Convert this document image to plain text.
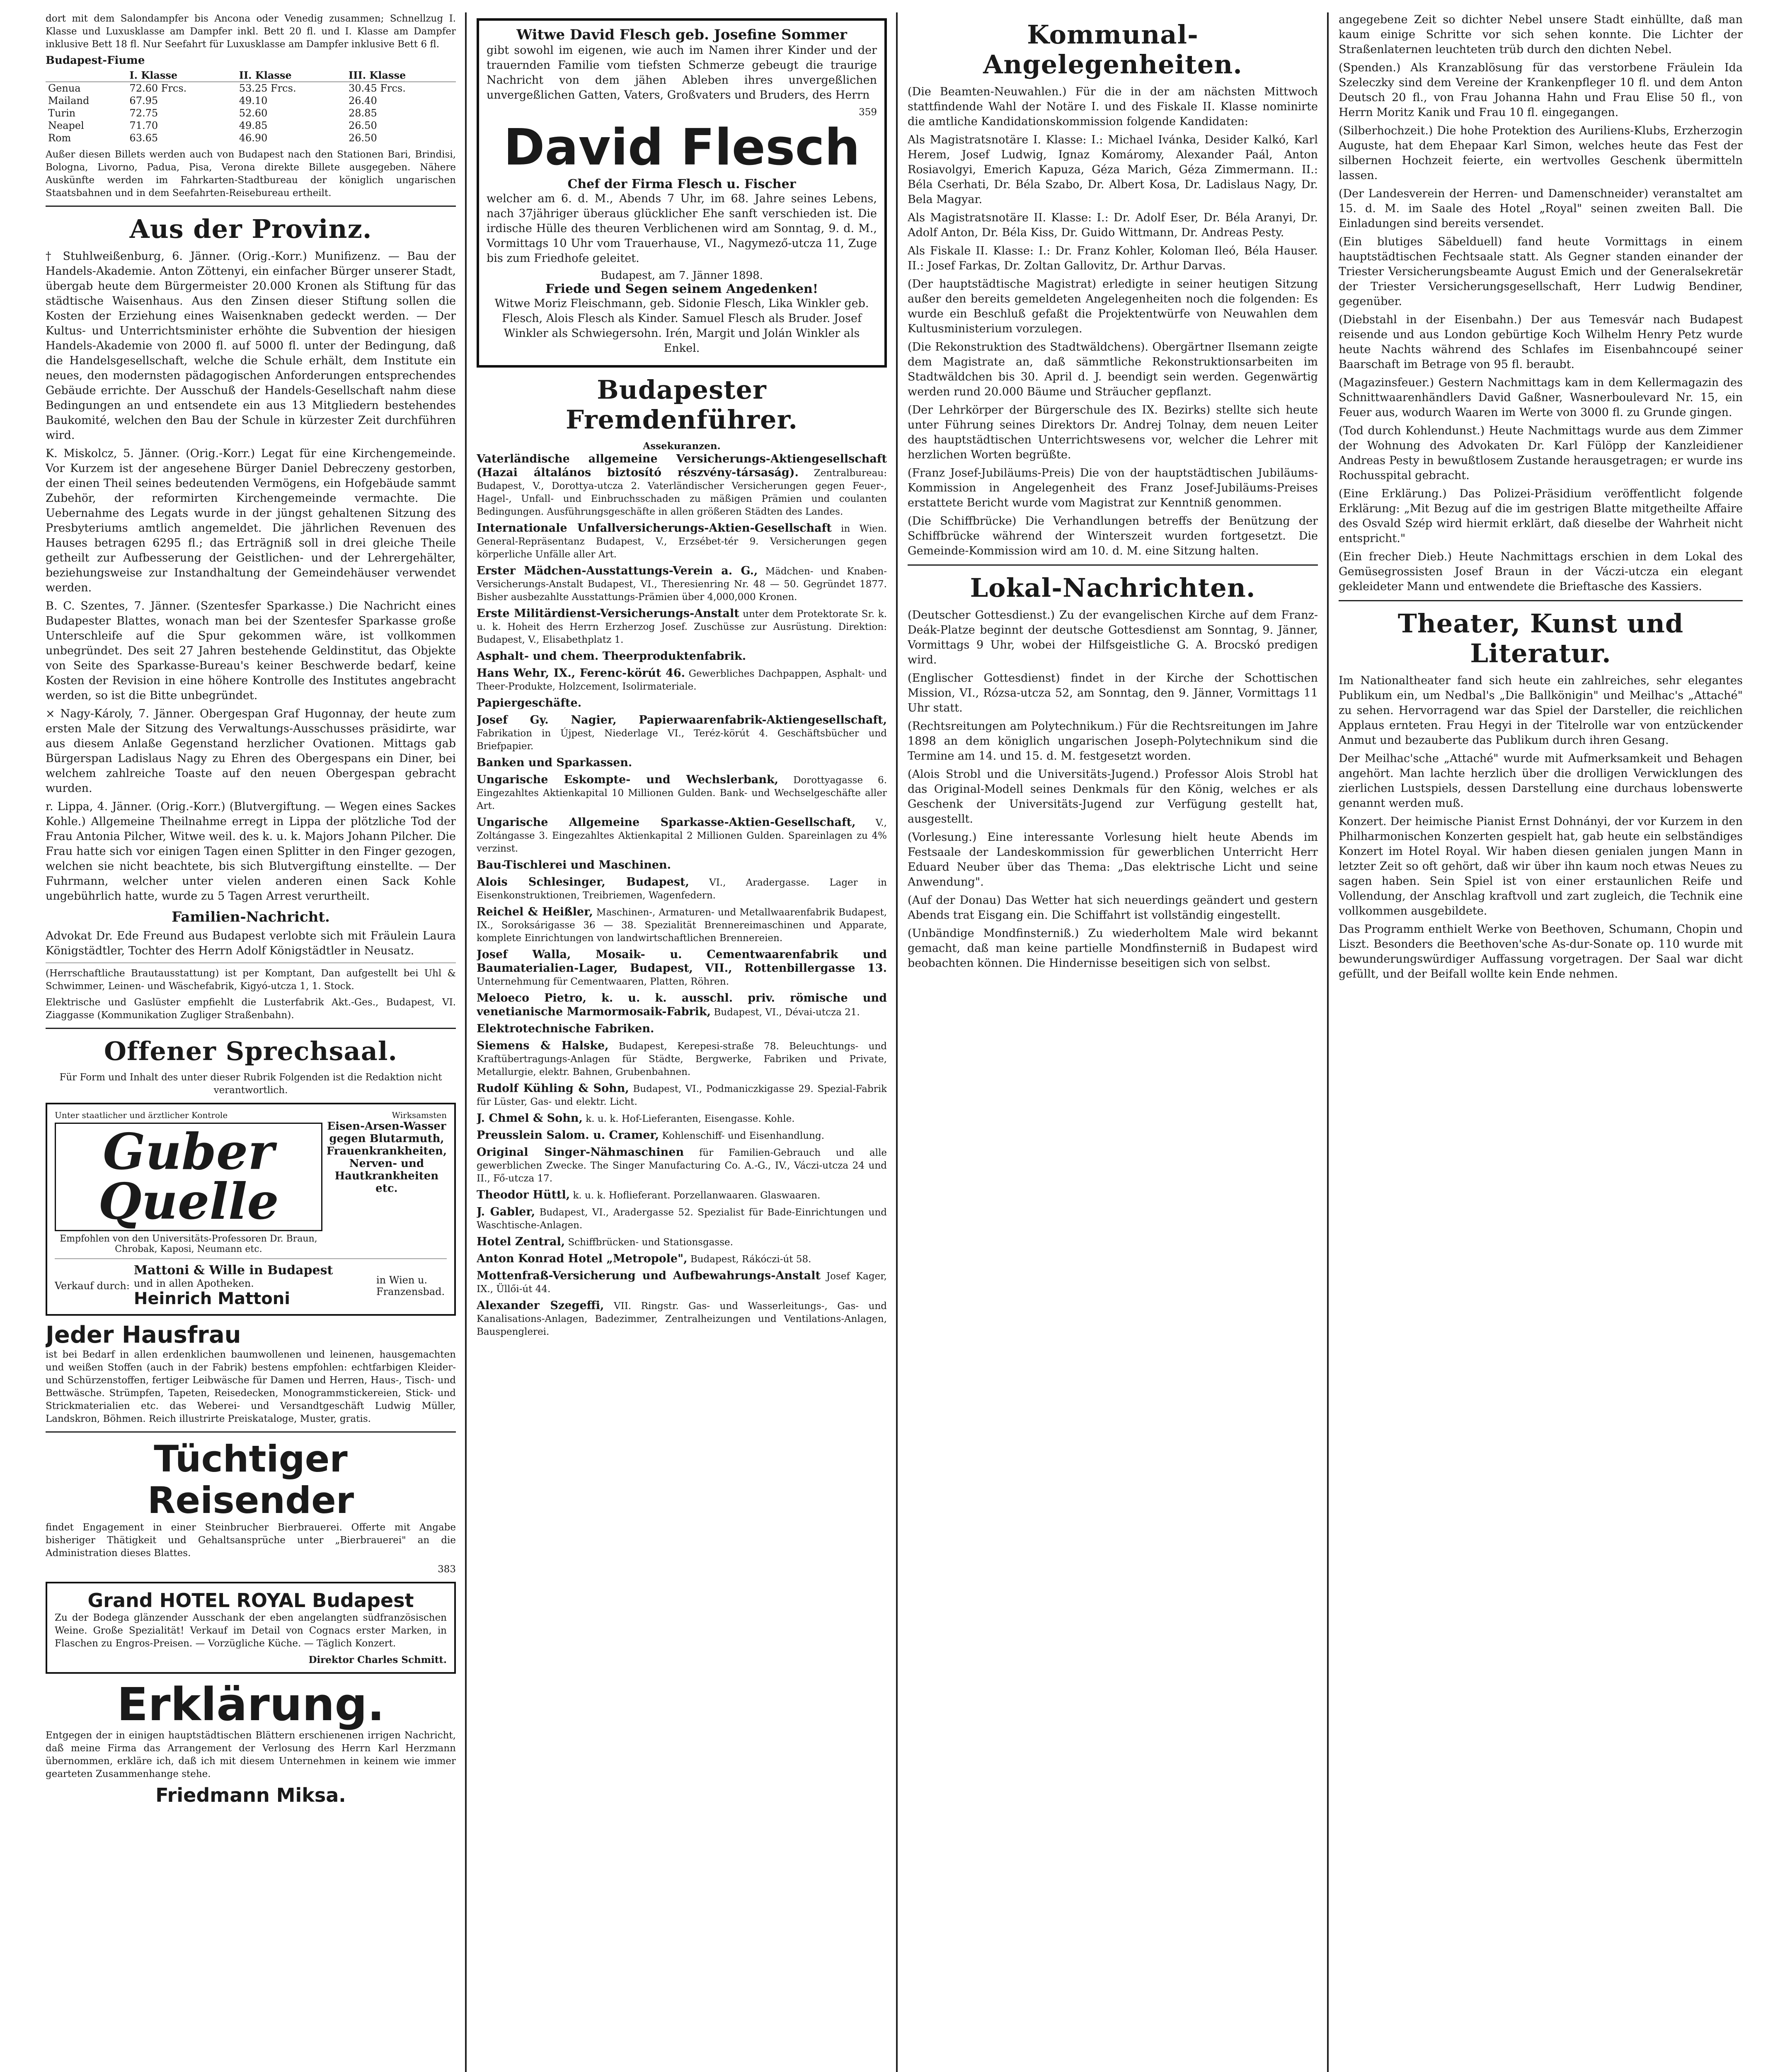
dort mit dem Salondampfer bis Ancona oder Venedig zusammen; Schnellzug I. Klasse und Luxusklasse am Dampfer inkl. Bett 20 fl. und I. Klasse am Dampfer inklusive Bett 18 fl. Nur Seefahrt für Luxusklasse am Dampfer inklusive Bett 6 fl.

Budapest-Fiume
	I. Klasse	II. Klasse	III. Klasse
Genua	72.60 Frcs.	53.25 Frcs.	30.45 Frcs.
Mailand	67.95	49.10	26.40
Turin	72.75	52.60	28.85
Neapel	71.70	49.85	26.50
Rom	63.65	46.90	26.50

Außer diesen Billets werden auch von Budapest nach den Stationen Bari, Brindisi, Bologna, Livorno, Padua, Pisa, Verona direkte Billete ausgegeben. Nähere Auskünfte werden im Fahrkarten-Stadtbureau der königlich ungarischen Staatsbahnen und in dem Seefahrten-Reisebureau ertheilt.

Aus der Provinz.

† Stuhlweißenburg, 6. Jänner. (Orig.-Korr.) Munifizenz. — Bau der Handels-Akademie. Anton Zöttenyi, ein einfacher Bürger unserer Stadt, übergab heute dem Bürgermeister 20.000 Kronen als Stiftung für das städtische Waisenhaus. Aus den Zinsen dieser Stiftung sollen die Kosten der Erziehung eines Waisenknaben gedeckt werden. — Der Kultus- und Unterrichtsminister erhöhte die Subvention der hiesigen Handels-Akademie von 2000 fl. auf 5000 fl. unter der Bedingung, daß die Handelsgesellschaft, welche die Schule erhält, dem Institute ein neues, den modernsten pädagogischen Anforderungen entsprechendes Gebäude errichte. Der Ausschuß der Handels-Gesellschaft nahm diese Bedingungen an und entsendete ein aus 13 Mitgliedern bestehendes Baukomité, welchen den Bau der Schule in kürzester Zeit durchführen wird.

K. Miskolcz, 5. Jänner. (Orig.-Korr.) Legat für eine Kirchengemeinde. Vor Kurzem ist der angesehene Bürger Daniel Debreczeny gestorben, der einen Theil seines bedeutenden Vermögens, ein Hofgebäude sammt Zubehör, der reformirten Kirchengemeinde vermachte. Die Uebernahme des Legats wurde in der jüngst gehaltenen Sitzung des Presbyteriums amtlich angemeldet. Die jährlichen Revenuen des Hauses betragen 6295 fl.; das Erträgniß soll in drei gleiche Theile getheilt zur Aufbesserung der Geistlichen- und der Lehrergehälter, beziehungsweise zur Instandhaltung der Gemeindehäuser verwendet werden.

B. C. Szentes, 7. Jänner. (Szentesfer Sparkasse.) Die Nachricht eines Budapester Blattes, wonach man bei der Szentesfer Sparkasse große Unterschleife auf die Spur gekommen wäre, ist vollkommen unbegründet. Des seit 27 Jahren bestehende Geldinstitut, das Objekte von Seite des Sparkasse-Bureau's keiner Beschwerde bedarf, keine Kosten der Revision in eine höhere Kontrolle des Institutes angebracht werden, so ist die Bitte unbegründet.

× Nagy-Károly, 7. Jänner. Obergespan Graf Hugonnay, der heute zum ersten Male der Sitzung des Verwaltungs-Ausschusses präsidirte, war aus diesem Anlaße Gegenstand herzlicher Ovationen. Mittags gab Bürgerspan Ladislaus Nagy zu Ehren des Obergespans ein Diner, bei welchem zahlreiche Toaste auf den neuen Obergespan gebracht wurden.

r. Lippa, 4. Jänner. (Orig.-Korr.) (Blutvergiftung. — Wegen eines Sackes Kohle.) Allgemeine Theilnahme erregt in Lippa der plötzliche Tod der Frau Antonia Pilcher, Witwe weil. des k. u. k. Majors Johann Pilcher. Die Frau hatte sich vor einigen Tagen einen Splitter in den Finger gezogen, welchen sie nicht beachtete, bis sich Blutvergiftung einstellte. — Der Fuhrmann, welcher unter vielen anderen einen Sack Kohle ungebührlich hatte, wurde zu 5 Tagen Arrest verurtheilt.

Familien-Nachricht.

Advokat Dr. Ede Freund aus Budapest verlobte sich mit Fräulein Laura Königstädtler, Tochter des Herrn Adolf Königstädtler in Neusatz.

(Herrschaftliche Brautausstattung) ist per Komptant, Dan aufgestellt bei Uhl & Schwimmer, Leinen- und Wäschefabrik, Kigyó-utcza 1, 1. Stock.

Elektrische und Gaslüster empfiehlt die Lusterfabrik Akt.-Ges., Budapest, VI. Ziaggasse (Kommunikation Zugliger Straßenbahn).

Offener Sprechsaal.

Für Form und Inhalt des unter dieser Rubrik Folgenden ist die Redaktion nicht verantwortlich.

Unter staatlicher und ärztlicher Kontrole	Wirksamsten
Guber Quelle
Empfohlen von den Universitäts-Professoren Dr. Braun, Chrobak, Kaposi, Neumann etc.
Eisen-Arsen-Wasser gegen Blutarmuth, Frauenkrankheiten, Nerven- und Hautkrankheiten etc.
Verkauf durch:
Mattoni & Wille in Budapest
und in allen Apotheken.
Heinrich Mattoni
in Wien u. Franzensbad.
Jeder Hausfrau

ist bei Bedarf in allen erdenklichen baumwollenen und leinenen, hausgemachten und weißen Stoffen (auch in der Fabrik) bestens empfohlen: echtfarbigen Kleider- und Schürzenstoffen, fertiger Leibwäsche für Damen und Herren, Haus-, Tisch- und Bettwäsche. Strümpfen, Tapeten, Reisedecken, Monogrammstickereien, Stick- und Strickmaterialien etc. das Weberei- und Versandtgeschäft Ludwig Müller, Landskron, Böhmen. Reich illustrirte Preiskataloge, Muster, gratis.

Tüchtiger Reisender

findet Engagement in einer Steinbrucher Bierbrauerei. Offerte mit Angabe bisheriger Thätigkeit und Gehaltsansprüche unter „Bierbrauerei" an die Administration dieses Blattes.

383
Grand HOTEL ROYAL Budapest

Zu der Bodega glänzender Ausschank der eben angelangten südfranzösischen Weine. Große Spezialität! Verkauf im Detail von Cognacs erster Marken, in Flaschen zu Engros-Preisen. — Vorzügliche Küche. — Täglich Konzert.

Direktor Charles Schmitt.
Erklärung.

Entgegen der in einigen hauptstädtischen Blättern erschienenen irrigen Nachricht, daß meine Firma das Arrangement der Verlosung des Herrn Karl Herzmann übernommen, erkläre ich, daß ich mit diesem Unternehmen in keinem wie immer gearteten Zusammenhange stehe.

Friedmann Miksa.
Witwe David Flesch geb. Josefine Sommer

gibt sowohl im eigenen, wie auch im Namen ihrer Kinder und der trauernden Familie vom tiefsten Schmerze gebeugt die traurige Nachricht von dem jähen Ableben ihres unvergeßlichen unvergeßlichen Gatten, Vaters, Großvaters und Bruders, des Herrn

359
David Flesch
Chef der Firma Flesch u. Fischer

welcher am 6. d. M., Abends 7 Uhr, im 68. Jahre seines Lebens, nach 37jähriger überaus glücklicher Ehe sanft verschieden ist. Die irdische Hülle des theuren Verblichenen wird am Sonntag, 9. d. M., Vormittags 10 Uhr vom Trauerhause, VI., Nagymező-utcza 11, Zuge bis zum Friedhofe geleitet.

Budapest, am 7. Jänner 1898.
Friede und Segen seinem Angedenken!

Witwe Moriz Fleischmann, geb. Sidonie Flesch, Lika Winkler geb. Flesch, Alois Flesch als Kinder. Samuel Flesch als Bruder. Josef Winkler als Schwiegersohn. Irén, Margit und Jolán Winkler als Enkel.

Budapester Fremdenführer.
Assekuranzen.

Vaterländische allgemeine Versicherungs-Aktiengesellschaft (Hazai általános biztosító részvény-társaság). Zentralbureau: Budapest, V., Dorottya-utcza 2. Vaterländischer Versicherungen gegen Feuer-, Hagel-, Unfall- und Einbruchsschaden zu mäßigen Prämien und coulanten Bedingungen. Ausführungsgeschäfte in allen größeren Städten des Landes.

Internationale Unfallversicherungs-Aktien-Gesellschaft in Wien. General-Repräsentanz Budapest, V., Erzsébet-tér 9. Versicherungen gegen körperliche Unfälle aller Art.

Erster Mädchen-Ausstattungs-Verein a. G., Mädchen- und Knaben-Versicherungs-Anstalt Budapest, VI., Theresienring Nr. 48 — 50. Gegründet 1877. Bisher ausbezahlte Ausstattungs-Prämien über 4,000,000 Kronen.

Erste Militärdienst-Versicherungs-Anstalt unter dem Protektorate Sr. k. u. k. Hoheit des Herrn Erzherzog Josef. Zuschüsse zur Ausrüstung. Direktion: Budapest, V., Elisabethplatz 1.

Asphalt- und chem. Theerproduktenfabrik.

Hans Wehr, IX., Ferenc-körút 46. Gewerbliches Dachpappen, Asphalt- und Theer-Produkte, Holzcement, Isolirmateriale.

Papiergeschäfte.

Josef Gy. Nagier, Papierwaarenfabrik-Aktiengesellschaft, Fabrikation in Újpest, Niederlage VI., Teréz-körút 4. Geschäftsbücher und Briefpapier.

Banken und Sparkassen.

Ungarische Eskompte- und Wechslerbank, Dorottyagasse 6. Eingezahltes Aktienkapital 10 Millionen Gulden. Bank- und Wechselgeschäfte aller Art.

Ungarische Allgemeine Sparkasse-Aktien-Gesellschaft, V., Zoltángasse 3. Eingezahltes Aktienkapital 2 Millionen Gulden. Spareinlagen zu 4% verzinst.

Bau-Tischlerei und Maschinen.

Alois Schlesinger, Budapest, VI., Aradergasse. Lager in Eisenkonstruktionen, Treibriemen, Wagenfedern.

Reichel & Heißler, Maschinen-, Armaturen- und Metallwaarenfabrik Budapest, IX., Soroksárigasse 36 — 38. Spezialität Brennereimaschinen und Apparate, komplete Einrichtungen von landwirtschaftlichen Brennereien.

Josef Walla, Mosaik- u. Cementwaarenfabrik und Baumaterialien-Lager, Budapest, VII., Rottenbillergasse 13. Unternehmung für Cementwaaren, Platten, Röhren.

Meloeco Pietro, k. u. k. ausschl. priv. römische und venetianische Marmormosaik-Fabrik, Budapest, VI., Dévai-utcza 21.

Elektrotechnische Fabriken.

Siemens & Halske, Budapest, Kerepesi-straße 78. Beleuchtungs- und Kraftübertragungs-Anlagen für Städte, Bergwerke, Fabriken und Private, Metallurgie, elektr. Bahnen, Grubenbahnen.

Rudolf Kühling & Sohn, Budapest, VI., Podmaniczkigasse 29. Spezial-Fabrik für Lüster, Gas- und elektr. Licht.

J. Chmel & Sohn, k. u. k. Hof-Lieferanten, Eisengasse. Kohle.

Preusslein Salom. u. Cramer, Kohlenschiff- und Eisenhandlung.

Original Singer-Nähmaschinen für Familien-Gebrauch und alle gewerblichen Zwecke. The Singer Manufacturing Co. A.-G., IV., Váczi-utcza 24 und II., Fő-utcza 17.

Theodor Hüttl, k. u. k. Hoflieferant. Porzellanwaaren. Glaswaaren.

J. Gabler, Budapest, VI., Aradergasse 52. Spezialist für Bade-Einrichtungen und Waschtische-Anlagen.

Hotel Zentral, Schiffbrücken- und Stationsgasse.

Anton Konrad Hotel „Metropole", Budapest, Rákóczi-út 58.

Mottenfraß-Versicherung und Aufbewahrungs-Anstalt Josef Kager, IX., Üllői-út 44.

Alexander Szegeffi, VII. Ringstr. Gas- und Wasserleitungs-, Gas- und Kanalisations-Anlagen, Badezimmer, Zentralheizungen und Ventilations-Anlagen, Bauspenglerei.

Kommunal-Angelegenheiten.

(Die Beamten-Neuwahlen.) Für die in der am nächsten Mittwoch stattfindende Wahl der Notäre I. und des Fiskale II. Klasse nominirte die amtliche Kandidationskommission folgende Kandidaten:

Als Magistratsnotäre I. Klasse: I.: Michael Ivánka, Desider Kalkó, Karl Herem, Josef Ludwig, Ignaz Komáromy, Alexander Paál, Anton Rosiavolgyi, Emerich Kapuza, Géza Marich, Géza Zimmermann. II.: Béla Cserhati, Dr. Béla Szabo, Dr. Albert Kosa, Dr. Ladislaus Nagy, Dr. Bela Magyar.

Als Magistratsnotäre II. Klasse: I.: Dr. Adolf Eser, Dr. Béla Aranyi, Dr. Adolf Anton, Dr. Béla Kiss, Dr. Guido Wittmann, Dr. Andreas Pesty.

Als Fiskale II. Klasse: I.: Dr. Franz Kohler, Koloman Ileó, Béla Hauser. II.: Josef Farkas, Dr. Zoltan Gallovitz, Dr. Arthur Darvas.

(Der hauptstädtische Magistrat) erledigte in seiner heutigen Sitzung außer den bereits gemeldeten Angelegenheiten noch die folgenden: Es wurde ein Beschluß gefaßt die Projektentwürfe von Neuwahlen dem Kultusministerium vorzulegen.

(Die Rekonstruktion des Stadtwäldchens). Obergärtner Ilsemann zeigte dem Magistrate an, daß sämmtliche Rekonstruktionsarbeiten im Stadtwäldchen bis 30. April d. J. beendigt sein werden. Gegenwärtig werden rund 20.000 Bäume und Sträucher gepflanzt.

(Der Lehrkörper der Bürgerschule des IX. Bezirks) stellte sich heute unter Führung seines Direktors Dr. Andrej Tolnay, dem neuen Leiter des hauptstädtischen Unterrichtswesens vor, welcher die Lehrer mit herzlichen Worten begrüßte.

(Franz Josef-Jubiläums-Preis) Die von der hauptstädtischen Jubiläums-Kommission in Angelegenheit des Franz Josef-Jubiläums-Preises erstattete Bericht wurde vom Magistrat zur Kenntniß genommen.

(Die Schiffbrücke) Die Verhandlungen betreffs der Benützung der Schiffbrücke während der Winterszeit wurden fortgesetzt. Die Gemeinde-Kommission wird am 10. d. M. eine Sitzung halten.

Lokal-Nachrichten.

(Deutscher Gottesdienst.) Zu der evangelischen Kirche auf dem Franz-Deák-Platze beginnt der deutsche Gottesdienst am Sonntag, 9. Jänner, Vormittags 9 Uhr, wobei der Hilfsgeistliche G. A. Brocskó predigen wird.

(Englischer Gottesdienst) findet in der Kirche der Schottischen Mission, VI., Rózsa-utcza 52, am Sonntag, den 9. Jänner, Vormittags 11 Uhr statt.

(Rechtsreitungen am Polytechnikum.) Für die Rechtsreitungen im Jahre 1898 an dem königlich ungarischen Joseph-Polytechnikum sind die Termine am 14. und 15. d. M. festgesetzt worden.

(Alois Strobl und die Universitäts-Jugend.) Professor Alois Strobl hat das Original-Modell seines Denkmals für den König, welches er als Geschenk der Universitäts-Jugend zur Verfügung gestellt hat, ausgestellt.

(Vorlesung.) Eine interessante Vorlesung hielt heute Abends im Festsaale der Landeskommission für gewerblichen Unterricht Herr Eduard Neuber über das Thema: „Das elektrische Licht und seine Anwendung".

(Auf der Donau) Das Wetter hat sich neuerdings geändert und gestern Abends trat Eisgang ein. Die Schiffahrt ist vollständig eingestellt.

(Unbändige Mondfinsterniß.) Zu wiederholtem Male wird bekannt gemacht, daß man keine partielle Mondfinsterniß in Budapest wird beobachten können. Die Hindernisse beseitigen sich von selbst.

angegebene Zeit so dichter Nebel unsere Stadt einhüllte, daß man kaum einige Schritte vor sich sehen konnte. Die Lichter der Straßenlaternen leuchteten trüb durch den dichten Nebel.

(Spenden.) Als Kranzablösung für das verstorbene Fräulein Ida Szeleczky sind dem Vereine der Krankenpfleger 10 fl. und dem Anton Deutsch 20 fl., von Frau Johanna Hahn und Frau Elise 50 fl., von Herrn Moritz Kanik und Frau 10 fl. eingegangen.

(Silberhochzeit.) Die hohe Protektion des Auriliens-Klubs, Erzherzogin Auguste, hat dem Ehepaar Karl Simon, welches heute das Fest der silbernen Hochzeit feierte, ein wertvolles Geschenk übermitteln lassen.

(Der Landesverein der Herren- und Damenschneider) veranstaltet am 15. d. M. im Saale des Hotel „Royal" seinen zweiten Ball. Die Einladungen sind bereits versendet.

(Ein blutiges Säbelduell) fand heute Vormittags in einem hauptstädtischen Fechtsaale statt. Als Gegner standen einander der Triester Versicherungsbeamte August Emich und der Generalsekretär der Triester Versicherungsgesellschaft, Herr Ludwig Bendiner, gegenüber.

(Diebstahl in der Eisenbahn.) Der aus Temesvár nach Budapest reisende und aus London gebürtige Koch Wilhelm Henry Petz wurde heute Nachts während des Schlafes im Eisenbahncoupé seiner Baarschaft im Betrage von 95 fl. beraubt.

(Magazinsfeuer.) Gestern Nachmittags kam in dem Kellermagazin des Schnittwaarenhändlers David Gaßner, Wasnerboulevard Nr. 15, ein Feuer aus, wodurch Waaren im Werte von 3000 fl. zu Grunde gingen.

(Tod durch Kohlendunst.) Heute Nachmittags wurde aus dem Zimmer der Wohnung des Advokaten Dr. Karl Fülöpp der Kanzleidiener Andreas Pesty in bewußtlosem Zustande herausgetragen; er wurde ins Rochusspital gebracht.

(Eine Erklärung.) Das Polizei-Präsidium veröffentlicht folgende Erklärung: „Mit Bezug auf die im gestrigen Blatte mitgetheilte Affaire des Osvald Szép wird hiermit erklärt, daß dieselbe der Wahrheit nicht entspricht."

(Ein frecher Dieb.) Heute Nachmittags erschien in dem Lokal des Gemüsegrossisten Josef Braun in der Váczi-utcza ein elegant gekleideter Mann und entwendete die Brieftasche des Kassiers.

Theater, Kunst und Literatur.

Im Nationaltheater fand sich heute ein zahlreiches, sehr elegantes Publikum ein, um Nedbal's „Die Ballkönigin" und Meilhac's „Attaché" zu sehen. Hervorragend war das Spiel der Darsteller, die reichlichen Applaus ernteten. Frau Hegyi in der Titelrolle war von entzückender Anmut und bezauberte das Publikum durch ihren Gesang.

Der Meilhac'sche „Attaché" wurde mit Aufmerksamkeit und Behagen angehört. Man lachte herzlich über die drolligen Verwicklungen des zierlichen Lustspiels, dessen Darstellung eine durchaus lobenswerte genannt werden muß.

Konzert. Der heimische Pianist Ernst Dohnányi, der vor Kurzem in den Philharmonischen Konzerten gespielt hat, gab heute ein selbständiges Konzert im Hotel Royal. Wir haben diesen genialen jungen Mann in letzter Zeit so oft gehört, daß wir über ihn kaum noch etwas Neues zu sagen haben. Sein Spiel ist von einer erstaunlichen Reife und Vollendung, der Anschlag kraftvoll und zart zugleich, die Technik eine vollkommen ausgebildete.

Das Programm enthielt Werke von Beethoven, Schumann, Chopin und Liszt. Besonders die Beethoven'sche As-dur-Sonate op. 110 wurde mit bewunderungswürdiger Auffassung vorgetragen. Der Saal war dicht gefüllt, und der Beifall wollte kein Ende nehmen.
